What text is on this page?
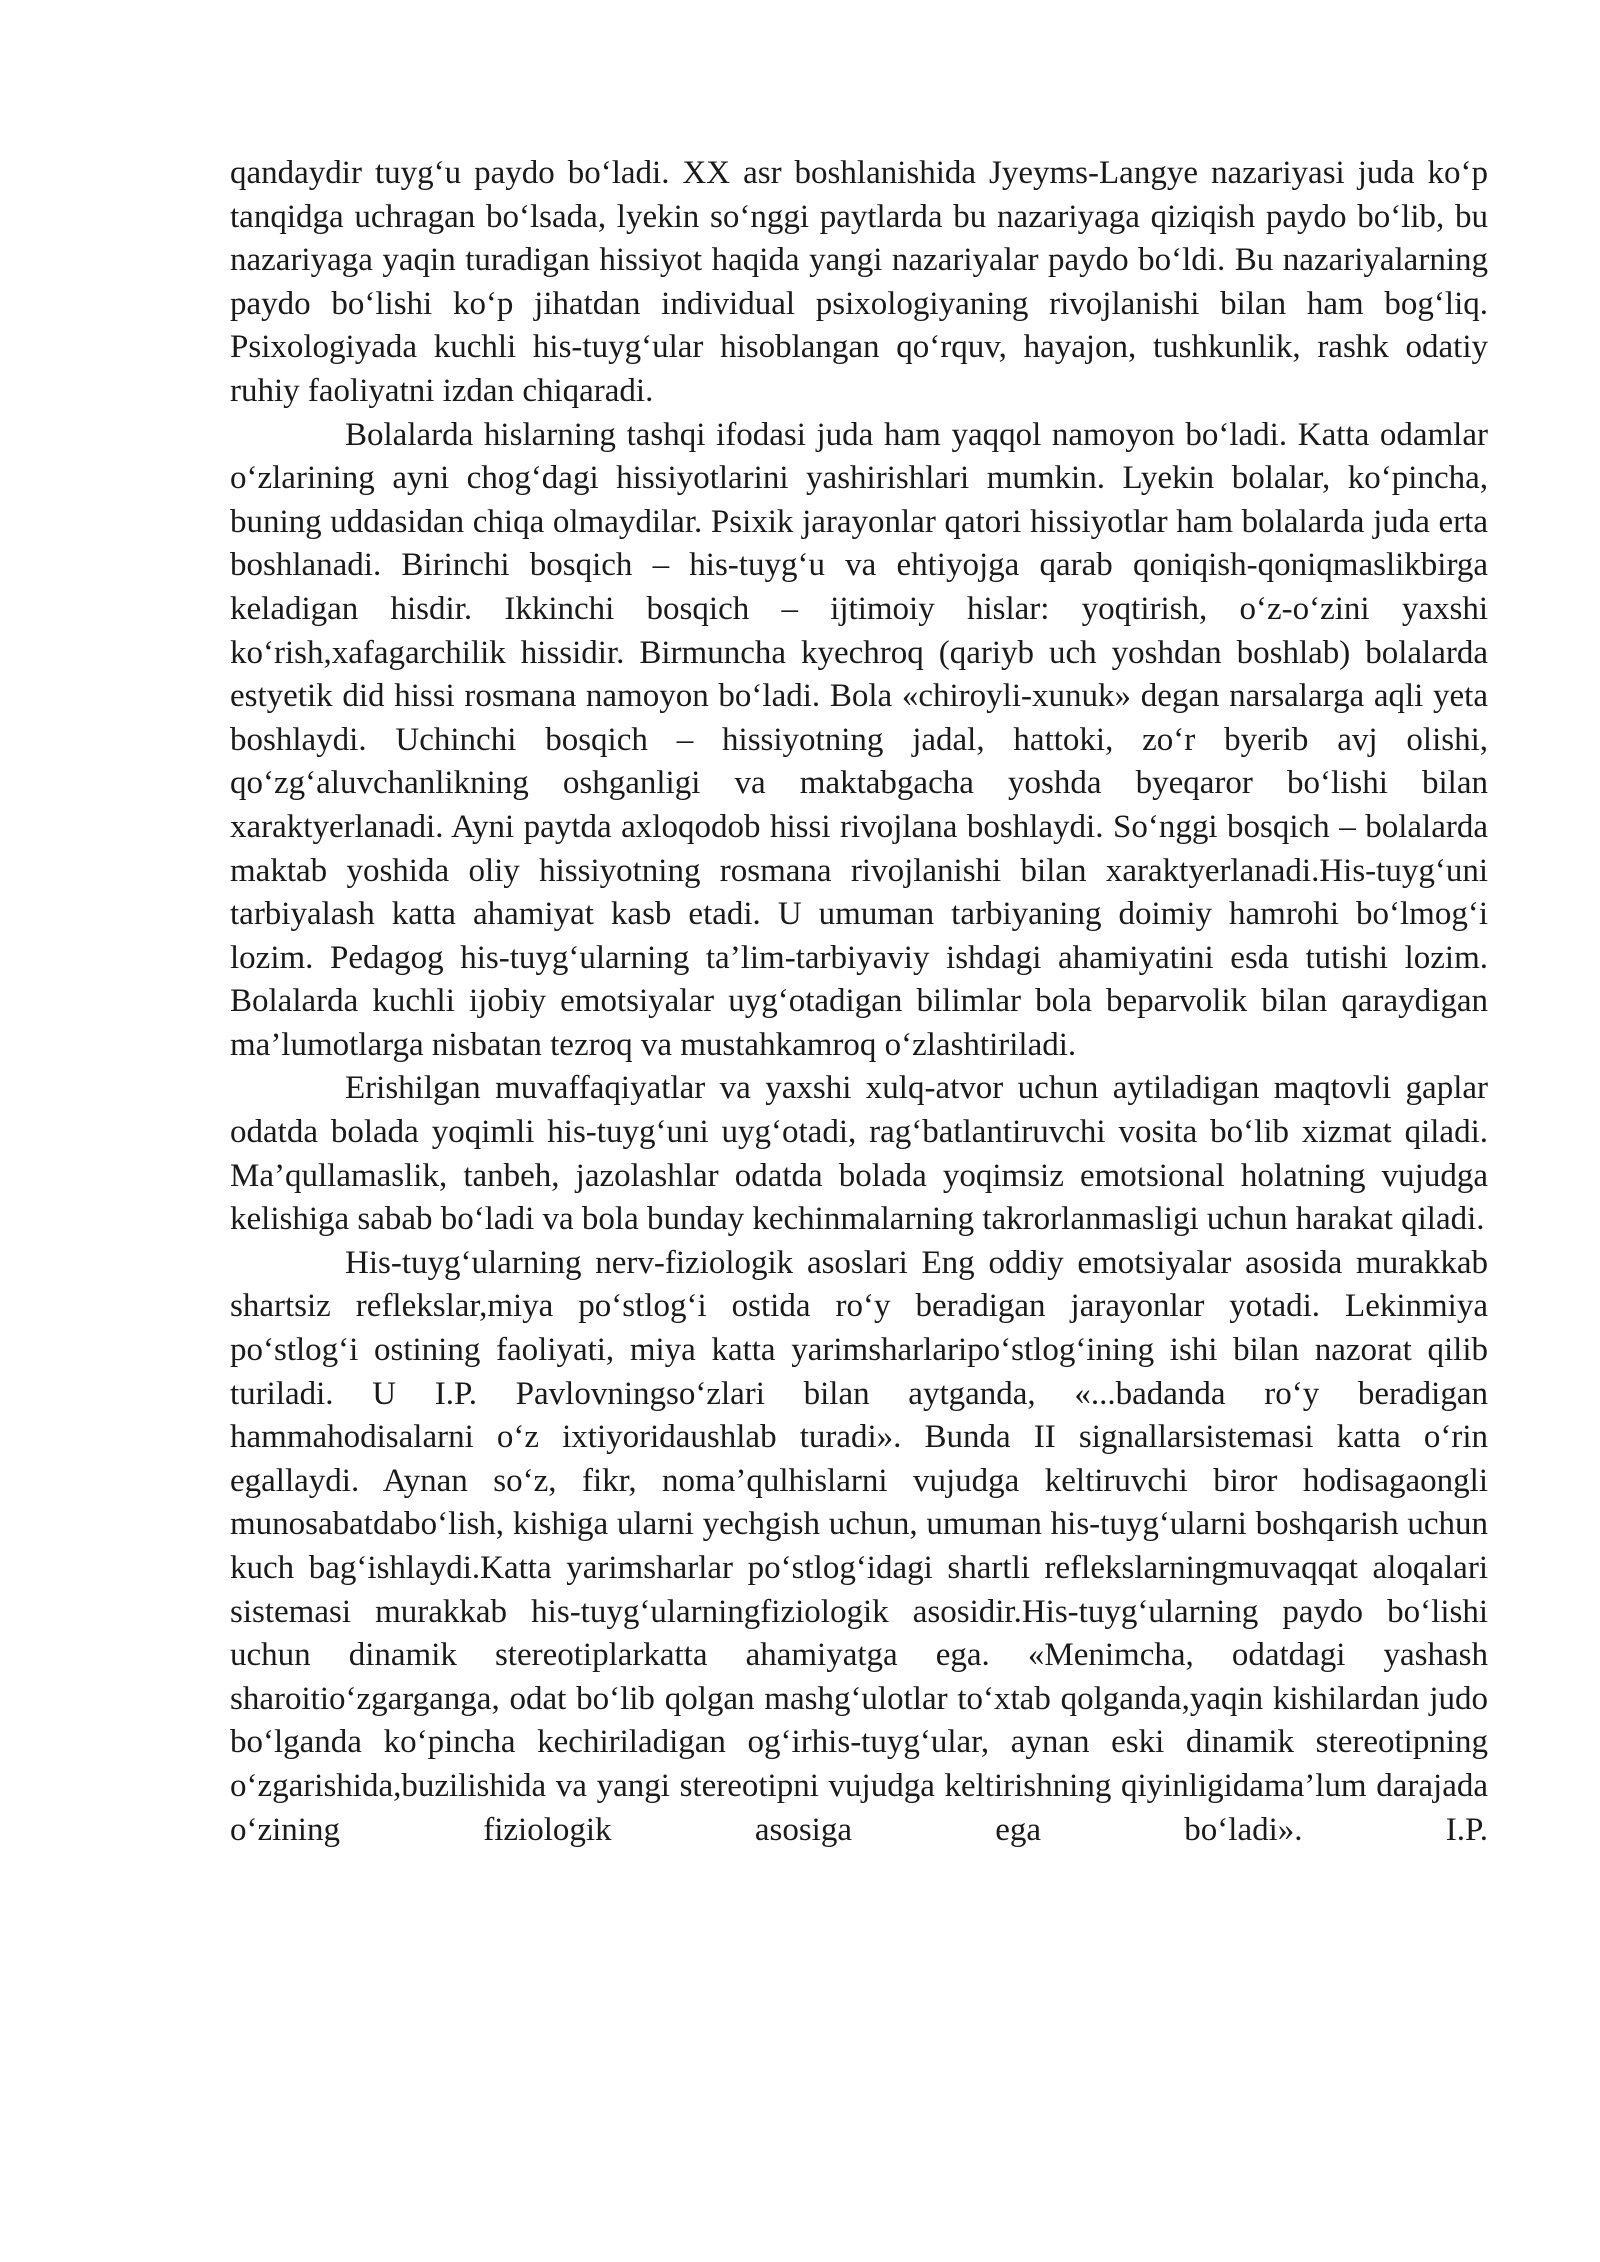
qandaydir tuyg‘u paydo bo‘ladi. XX asr boshlanishida Jyeyms-Langye nazariyasi juda ko‘p tanqidga uchragan bo‘lsada, lyekin so‘nggi paytlarda bu nazariyaga qiziqish paydo bo‘lib, bu nazariyaga yaqin turadigan hissiyot haqida yangi nazariyalar paydo bo‘ldi. Bu nazariyalarning paydo bo‘lishi ko‘p jihatdan individual psixologiyaning rivojlanishi bilan ham bog‘liq. Psixologiyada kuchli his-tuyg‘ular hisoblangan qo‘rquv, hayajon, tushkunlik, rashk odatiy ruhiy faoliyatni izdan chiqaradi.

Bolalarda hislarning tashqi ifodasi juda ham yaqqol namoyon bo‘ladi. Katta odamlar o‘zlarining ayni chog‘dagi hissiyotlarini yashirishlari mumkin. Lyekin bolalar, ko‘pincha, buning uddasidan chiqa olmaydilar. Psixik jarayonlar qatori hissiyotlar ham bolalarda juda erta boshlanadi. Birinchi bosqich – his-tuyg‘u va ehtiyojga qarab qoniqish-qoniqmaslikbirga keladigan hisdir. Ikkinchi bosqich – ijtimoiy hislar: yoqtirish, o‘z-o‘zini yaxshi ko‘rish,xafagarchilik hissidir. Birmuncha kyechroq (qariyb uch yoshdan boshlab) bolalarda estyetik did hissi rosmana namoyon bo‘ladi. Bola «chiroyli-xunuk» degan narsalarga aqli yeta boshlaydi. Uchinchi bosqich – hissiyotning jadal, hattoki, zo‘r byerib avj olishi, qo‘zg‘aluvchanlikning oshganligi va maktabgacha yoshda byeqaror bo‘lishi bilan xaraktyerlanadi. Ayni paytda axloqodob hissi rivojlana boshlaydi. So‘nggi bosqich – bolalarda maktab yoshida oliy hissiyotning rosmana rivojlanishi bilan xaraktyerlanadi.His-tuyg‘uni tarbiyalash katta ahamiyat kasb etadi. U umuman tarbiyaning doimiy hamrohi bo‘lmog‘i lozim. Pedagog his-tuyg‘ularning ta’lim-tarbiyaviy ishdagi ahamiyatini esda tutishi lozim. Bolalarda kuchli ijobiy emotsiyalar uyg‘otadigan bilimlar bola beparvolik bilan qaraydigan ma’lumotlarga nisbatan tezroq va mustahkamroq o‘zlashtiriladi.

Erishilgan muvaffaqiyatlar va yaxshi xulq-atvor uchun aytiladigan maqtovli gaplar odatda bolada yoqimli his-tuyg‘uni uyg‘otadi, rag‘batlantiruvchi vosita bo‘lib xizmat qiladi. Ma’qullamaslik, tanbeh, jazolashlar odatda bolada yoqimsiz emotsional holatning vujudga kelishiga sabab bo‘ladi va bola bunday kechinmalarning takrorlanmasligi uchun harakat qiladi.

His-tuyg‘ularning nerv-fiziologik asoslari Eng oddiy emotsiyalar asosida murakkab shartsiz reflekslar,miya po‘stlog‘i ostida ro‘y beradigan jarayonlar yotadi. Lekinmiya po‘stlog‘i ostining faoliyati, miya katta yarimsharlaripo‘stlog‘ining ishi bilan nazorat qilib turiladi. U I.P. Pavlovningso‘zlari bilan aytganda, «...badanda ro‘y beradigan hammahodisalarni o‘z ixtiyoridaushlab turadi». Bunda II signallarsistemasi katta o‘rin egallaydi. Aynan so‘z, fikr, noma’qulhislarni vujudga keltiruvchi biror hodisagaongli munosabatdabo‘lish, kishiga ularni yechgish uchun, umuman his-tuyg‘ularni boshqarish uchun kuch bag‘ishlaydi.Katta yarimsharlar po‘stlog‘idagi shartli reflekslarningmuvaqqat aloqalari sistemasi murakkab his-tuyg‘ularningfiziologik asosidir.His-tuyg‘ularning paydo bo‘lishi uchun dinamik stereotiplarkatta ahamiyatga ega. «Menimcha, odatdagi yashash sharoitio‘zgarganga, odat bo‘lib qolgan mashg‘ulotlar to‘xtab qolganda,yaqin kishilardan judo bo‘lganda ko‘pincha kechiriladigan og‘irhis-tuyg‘ular, aynan eski dinamik stereotipning o‘zgarishida,buzilishida va yangi stereotipni vujudga keltirishning qiyinligidama’lum darajada o‘zining fiziologik asosiga ega bo‘ladi». I.P.
